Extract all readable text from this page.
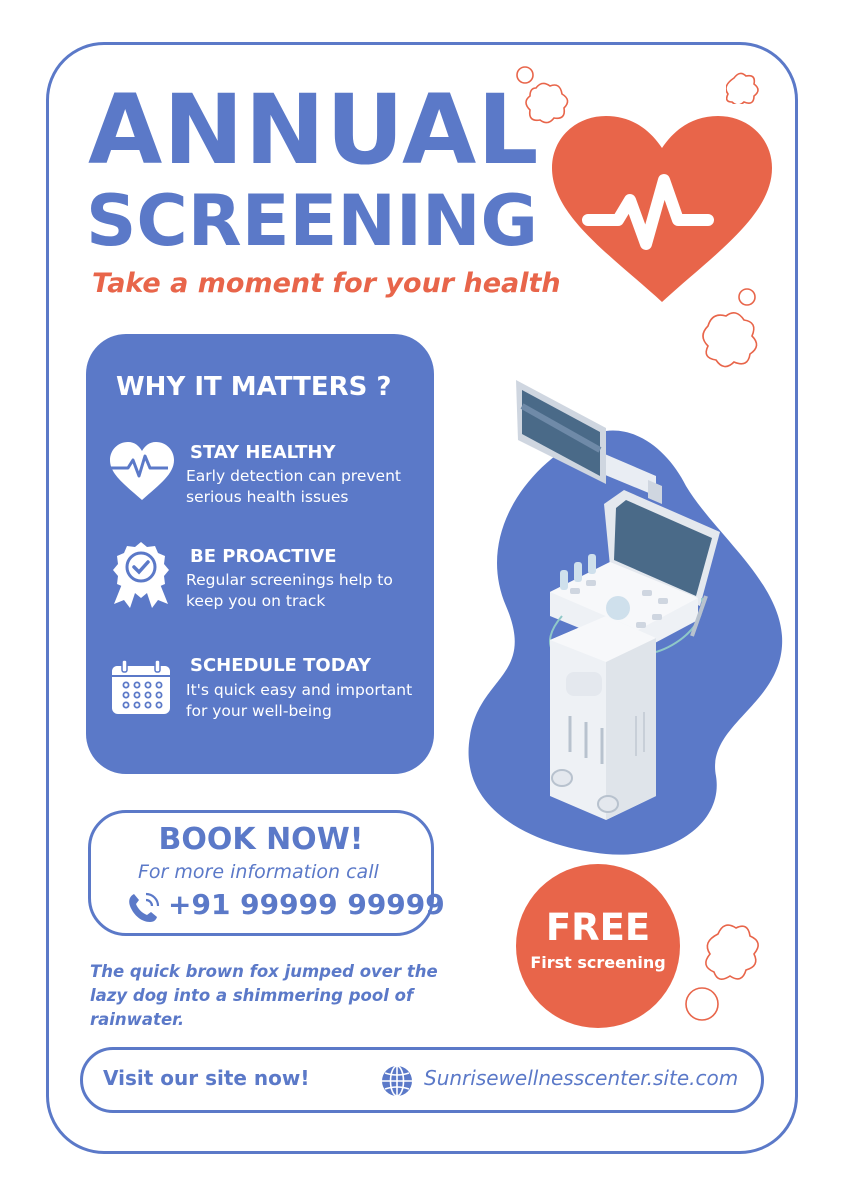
ANNUAL
SCREENING
Take a moment for your health
WHY IT MATTERS ?
STAY HEALTHY
Early detection can prevent serious health issues
BE PROACTIVE
Regular screenings help to keep you on track
SCHEDULE TODAY
It's quick easy and important for your well-being
BOOK NOW!
For more information call
+91 99999 99999
The quick brown fox jumped over the lazy dog into a shimmering pool of rainwater.
FREE
First screening
Visit our site now!	Sunrisewellnesscenter.site.com
